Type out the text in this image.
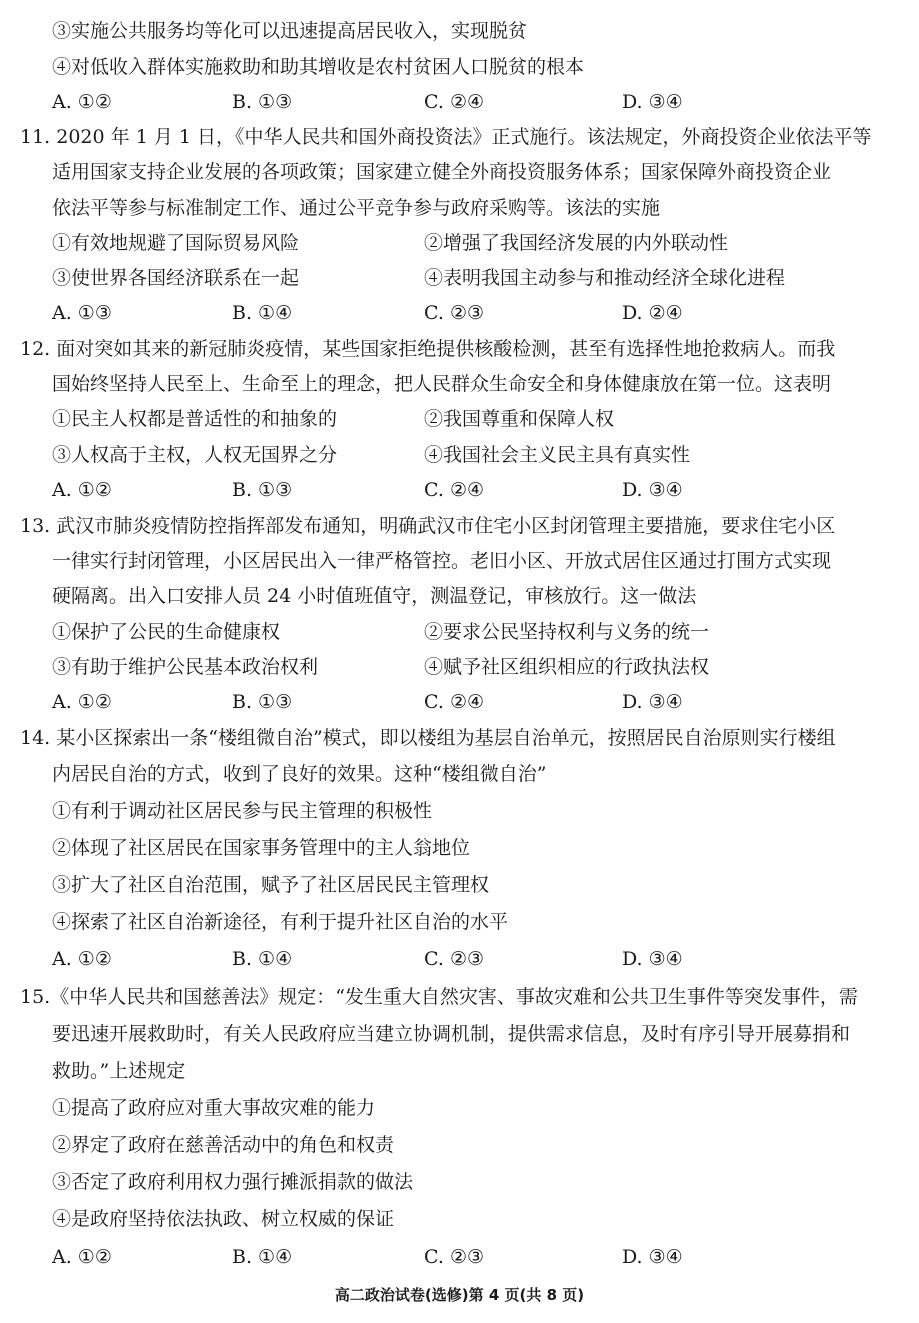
③实施公共服务均等化可以迅速提高居民收入，实现脱贫
④对低收入群体实施救助和助其增收是农村贫困人口脱贫的根本
A. ①②	B. ①③	C. ②④	D. ③④
11. 2020 年 1 月 1 日，《中华人民共和国外商投资法》正式施行。该法规定，外商投资企业依法平等
适用国家支持企业发展的各项政策；国家建立健全外商投资服务体系；国家保障外商投资企业
依法平等参与标准制定工作、通过公平竞争参与政府采购等。该法的实施
①有效地规避了国际贸易风险	②增强了我国经济发展的内外联动性
③使世界各国经济联系在一起	④表明我国主动参与和推动经济全球化进程
A. ①③	B. ①④	C. ②③	D. ②④
12. 面对突如其来的新冠肺炎疫情，某些国家拒绝提供核酸检测，甚至有选择性地抢救病人。而我
国始终坚持人民至上、生命至上的理念，把人民群众生命安全和身体健康放在第一位。这表明
①民主人权都是普适性的和抽象的	②我国尊重和保障人权
③人权高于主权，人权无国界之分	④我国社会主义民主具有真实性
A. ①②	B. ①③	C. ②④	D. ③④
13. 武汉市肺炎疫情防控指挥部发布通知，明确武汉市住宅小区封闭管理主要措施，要求住宅小区
一律实行封闭管理，小区居民出入一律严格管控。老旧小区、开放式居住区通过打围方式实现
硬隔离。出入口安排人员 24 小时值班值守，测温登记，审核放行。这一做法
①保护了公民的生命健康权	②要求公民坚持权利与义务的统一
③有助于维护公民基本政治权利	④赋予社区组织相应的行政执法权
A. ①②	B. ①③	C. ②④	D. ③④
14. 某小区探索出一条“楼组微自治”模式，即以楼组为基层自治单元，按照居民自治原则实行楼组
内居民自治的方式，收到了良好的效果。这种“楼组微自治”
①有利于调动社区居民参与民主管理的积极性
②体现了社区居民在国家事务管理中的主人翁地位
③扩大了社区自治范围，赋予了社区居民民主管理权
④探索了社区自治新途径，有利于提升社区自治的水平
A. ①②	B. ①④	C. ②③	D. ③④
15.《中华人民共和国慈善法》规定：“发生重大自然灾害、事故灾难和公共卫生事件等突发事件，需
要迅速开展救助时，有关人民政府应当建立协调机制，提供需求信息，及时有序引导开展募捐和
救助。”上述规定
①提高了政府应对重大事故灾难的能力
②界定了政府在慈善活动中的角色和权责
③否定了政府利用权力强行摊派捐款的做法
④是政府坚持依法执政、树立权威的保证
A. ①②	B. ①④	C. ②③	D. ③④
高二政治试卷(选修)第 4 页(共 8 页)
